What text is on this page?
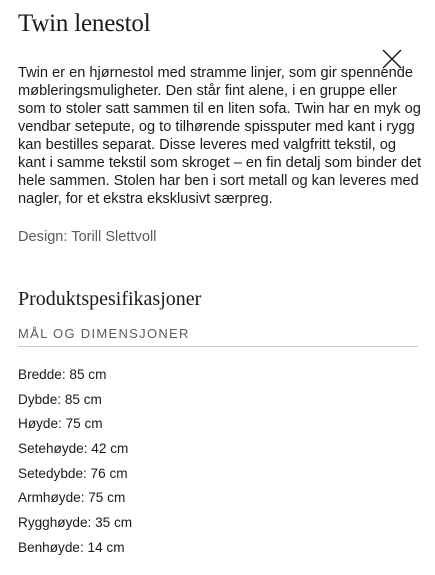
Twin lenestol

Twin er en hjørnestol med stramme linjer, som gir spennende møbleringsmuligheter. Den står fint alene, i en gruppe eller som to stoler satt sammen til en liten sofa. Twin har en myk og vendbar setepute, og to tilhørende spissputer med kant i rygg kan bestilles separat. Disse leveres med valgfritt tekstil, og kant i samme tekstil som skroget – en fin detalj som binder det hele sammen. Stolen har ben i sort metall og kan leveres med nagler, for et ekstra eksklusivt særpreg.

Design: Torill Slettvoll

Produktspesifikasjoner
MÅL OG DIMENSJONER
Bredde: 85 cm
Dybde: 85 cm
Høyde: 75 cm
Setehøyde: 42 cm
Setedybde: 76 cm
Armhøyde: 75 cm
Rygghøyde: 35 cm
Benhøyde: 14 cm
